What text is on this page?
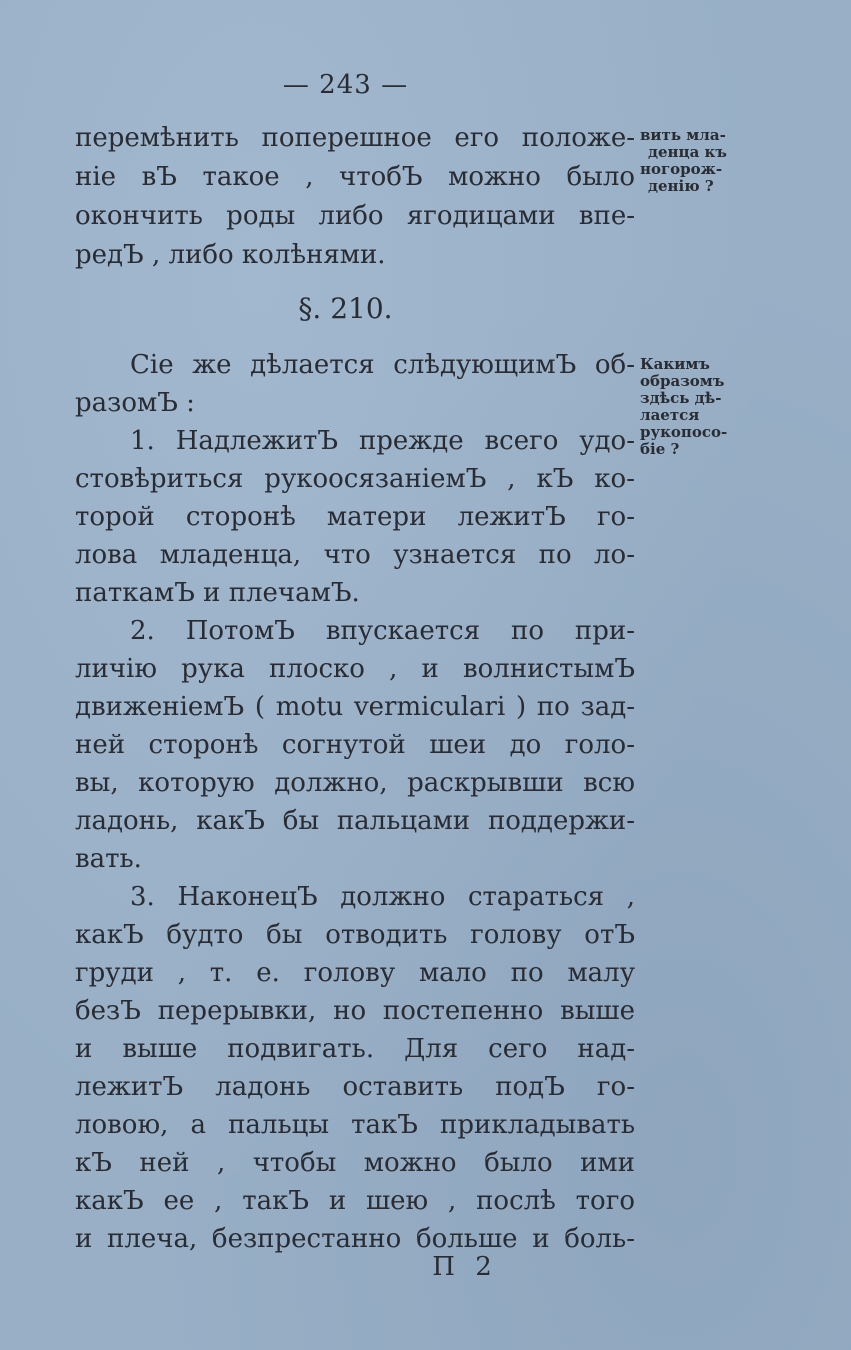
— 243 —
перемѣнить поперешное его положе-
ніе вЪ такое , чтобЪ можно было
окончить роды либо ягодицами впе-
редЪ , либо колѣнями.
§. 210.
Сіе же дѣлается слѣдующимЪ об-
разомЪ :
1. НадлежитЪ прежде всего удо-
стовѣриться рукоосязаніемЪ , кЪ ко-
торой сторонѣ матери лежитЪ го-
лова младенца, что узнается по ло-
паткамЪ и плечамЪ.
2. ПотомЪ впускается по при-
личію рука плоско , и волнистымЪ
движеніемЪ ( motu vermiculari ) по зад-
ней сторонѣ согнутой шеи до голо-
вы, которую должно, раскрывши всю
ладонь, какЪ бы пальцами поддержи-
вать.
3. НаконецЪ должно стараться ,
какЪ будто бы отводить голову отЪ
груди , т. е. голову мало по малу
безЪ перерывки, но постепенно выше
и выше подвигать. Для сего над-
лежитЪ ладонь оставить подЪ го-
ловою, а пальцы такЪ прикладывать
кЪ ней , чтобы можно было ими
какЪ ее , такЪ и шею , послѣ того
и плеча, безпрестанно больше и боль-
вить мла-
денца къ
ногорож-
денію ?
Какимъ
образомъ
здѣсь дѣ-
лается
рукопосо-
біе ?
П 2
